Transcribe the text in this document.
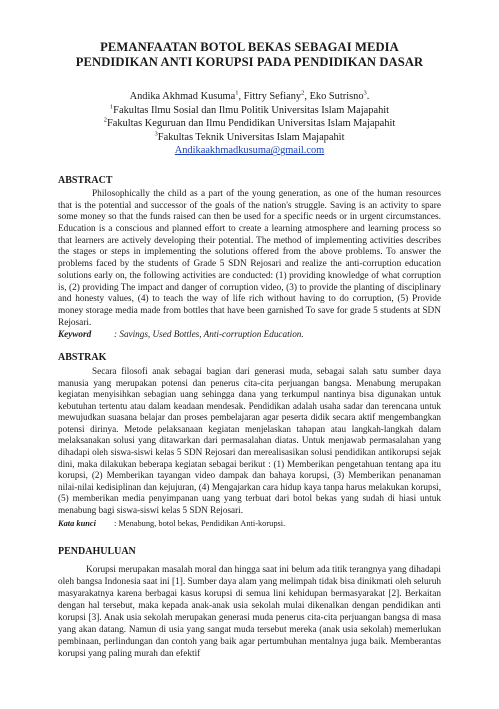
PEMANFAATAN BOTOL BEKAS SEBAGAI MEDIA
PENDIDIKAN ANTI KORUPSI PADA PENDIDIKAN DASAR
Andika Akhmad Kusuma$^1$, Fittry Sefiany$^2$, Eko Sutrisno$^3$.
$^1$Fakultas Ilmu Sosial dan Ilmu Politik Universitas Islam Majapahit
$^2$Fakultas Keguruan dan Ilmu Pendidikan Universitas Islam Majapahit
$^3$Fakultas Teknik Universitas Islam Majapahit
Andikaakhmadkusuma@gmail.com
ABSTRACT
Philosophically the child as a part of the young generation, as one of the human resources that is the potential and successor of the goals of the nation's struggle. Saving is an activity to spare some money so that the funds raised can then be used for a specific needs or in urgent circumstances. Education is a conscious and planned effort to create a learning atmosphere and learning process so that learners are actively developing their potential. The method of implementing activities describes the stages or steps in implementing the solutions offered from the above problems. To answer the problems faced by the students of Grade 5 SDN Rejosari and realize the anti-corruption education solutions early on, the following activities are conducted: (1) providing knowledge of what corruption is, (2) providing The impact and danger of corruption video, (3) to provide the planting of disciplinary and honesty values, (4) to teach the way of life rich without having to do corruption, (5) Provide money storage media made from bottles that have been garnished To save for grade 5 students at SDN Rejosari.
Keyword	: Savings, Used Bottles, Anti-corruption Education.
ABSTRAK
Secara filosofi anak sebagai bagian dari generasi muda, sebagai salah satu sumber daya manusia yang merupakan potensi dan penerus cita-cita perjuangan bangsa. Menabung merupakan kegiatan menyisihkan sebagian uang sehingga dana yang terkumpul nantinya bisa digunakan untuk kebutuhan tertentu atau dalam keadaan mendesak. Pendidikan adalah usaha sadar dan terencana untuk mewujudkan suasana belajar dan proses pembelajaran agar peserta didik secara aktif mengembangkan potensi dirinya. Metode pelaksanaan kegiatan menjelaskan tahapan atau langkah-langkah dalam melaksanakan solusi yang ditawarkan dari permasalahan diatas. Untuk menjawab permasalahan yang dihadapi oleh siswa-siswi kelas 5 SDN Rejosari dan merealisasikan solusi pendidikan antikorupsi sejak dini, maka dilakukan beberapa kegiatan sebagai berikut : (1) Memberikan pengetahuan tentang apa itu korupsi, (2) Memberikan tayangan video dampak dan bahaya korupsi, (3) Memberikan penanaman nilai-nilai kedisiplinan dan kejujuran, (4) Mengajarkan cara hidup kaya tanpa harus melakukan korupsi, (5) memberikan media penyimpanan uang yang terbuat dari botol bekas yang sudah di hiasi untuk menabung bagi siswa-siswi kelas 5 SDN Rejosari.
Kata kunci	: Menabung, botol bekas, Pendidikan Anti-korupsi.
PENDAHULUAN
Korupsi merupakan masalah moral dan hingga saat ini belum ada titik terangnya yang dihadapi oleh bangsa Indonesia saat ini [1]. Sumber daya alam yang melimpah tidak bisa dinikmati oleh seluruh masyarakatnya karena berbagai kasus korupsi di semua lini kehidupan bermasyarakat [2]. Berkaitan dengan hal tersebut, maka kepada anak-anak usia sekolah mulai dikenalkan dengan pendidikan anti korupsi [3]. Anak usia sekolah merupakan generasi muda penerus cita-cita perjuangan bangsa di masa yang akan datang. Namun di usia yang sangat muda tersebut mereka (anak usia sekolah) memerlukan pembinaan, perlindungan dan contoh yang baik agar pertumbuhan mentalnya juga baik. Memberantas korupsi yang paling murah dan efektif
